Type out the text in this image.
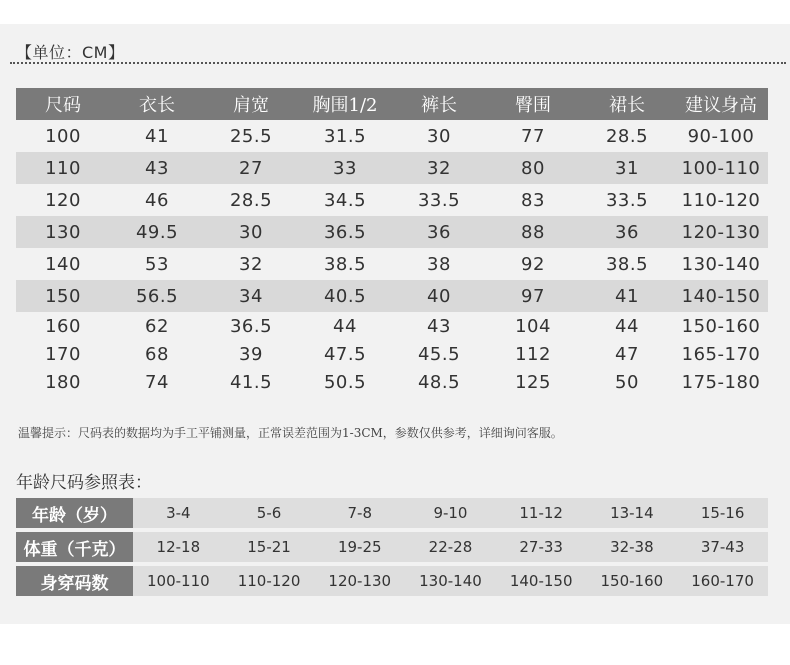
【单位：CM】
尺码	衣长	肩宽	胸围1/2	裤长	臀围	裙长	建议身高
100	41	25.5	31.5	30	77	28.5	90-100
110	43	27	33	32	80	31	100-110
120	46	28.5	34.5	33.5	83	33.5	110-120
130	49.5	30	36.5	36	88	36	120-130
140	53	32	38.5	38	92	38.5	130-140
150	56.5	34	40.5	40	97	41	140-150
160	62	36.5	44	43	104	44	150-160
170	68	39	47.5	45.5	112	47	165-170
180	74	41.5	50.5	48.5	125	50	175-180
温馨提示：尺码表的数据均为手工平铺测量，正常误差范围为1-3CM，参数仅供参考，详细询问客服。
年龄尺码参照表：
年龄（岁）	3-4	5-6	7-8	9-10	11-12	13-14	15-16
体重（千克）	12-18	15-21	19-25	22-28	27-33	32-38	37-43
身穿码数	100-110	110-120	120-130	130-140	140-150	150-160	160-170
